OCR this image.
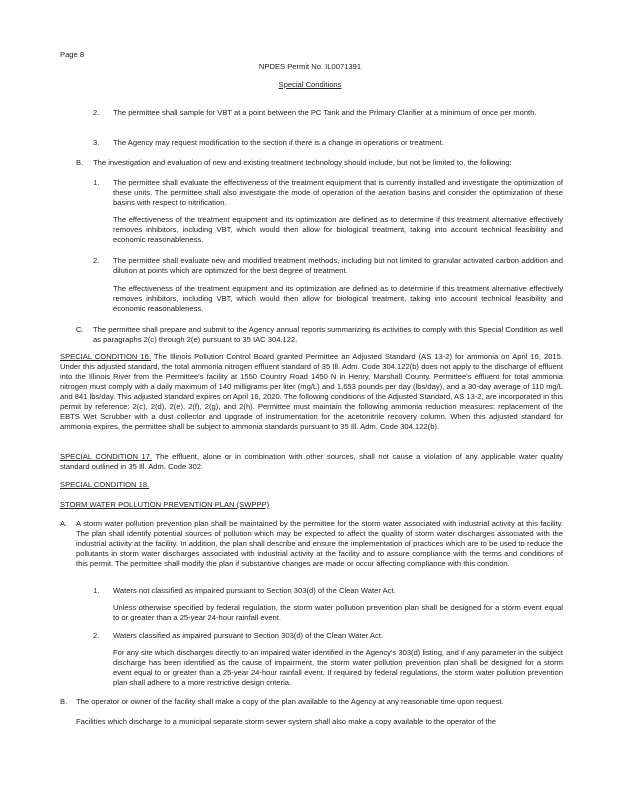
Page 8

NPDES Permit No. IL0071391

Special Conditions

2. The permittee shall sample for VBT at a point between the PC Tank and the Primary Clarifier at a minimum of once per month.

3. The Agency may request modification to the section if there is a change in operations or treatment.

B. The investigation and evaluation of new and existing treatment technology should include, but not be limited to, the following:

1. The permittee shall evaluate the effectiveness of the treatment equipment that is currently installed and investigate the optimization of these units. The permittee shall also investigate the mode of operation of the aeration basins and consider the optimization of these basins with respect to nitrification.

The effectiveness of the treatment equipment and its optimization are defined as to determine if this treatment alternative effectively removes inhibitors, including VBT, which would then allow for biological treatment, taking into account technical feasibility and economic reasonableness.

2. The permittee shall evaluate new and modified treatment methods, including but not limited to granular activated carbon addition and dilution at points which are optimized for the best degree of treatment.

The effectiveness of the treatment equipment and its optimization are defined as to determine if this treatment alternative effectively removes inhibitors, including VBT, which would then allow for biological treatment, taking into account technical feasibility and economic reasonableness.

C. The permittee shall prepare and submit to the Agency annual reports summarizing its activities to comply with this Special Condition as well as paragraphs 2(c) through 2(e) pursuant to 35 IAC 304.122.

SPECIAL CONDITION 16. The Illinois Pollution Control Board granted Permittee an Adjusted Standard (AS 13-2) for ammonia on April 16, 2015. Under this adjusted standard, the total ammonia nitrogen effluent standard of 35 Ill. Adm. Code 304.122(b) does not apply to the discharge of effluent into the Illinois River from the Permittee's facility at 1550 Country Road 1450 N in Henry, Marshall County. Permittee's effluent for total ammonia nitrogen must comply with a daily maximum of 140 milligrams per liter (mg/L) and 1,653 pounds per day (lbs/day), and a 30-day average of 110 mg/L and 841 lbs/day. This adjusted standard expires on April 16, 2020. The following conditions of the Adjusted Standard, AS 13-2, are incorporated in this permit by reference: 2(c), 2(d), 2(e), 2(f), 2(g), and 2(h). Permittee must maintain the following ammonia reduction measures: replacement of the EBTS Wet Scrubber with a dust collector and upgrade of instrumentation for the acetonitrile recovery column. When this adjusted standard for ammonia expires, the permittee shall be subject to ammonia standards pursuant to 35 Ill. Adm. Code 304.122(b).

SPECIAL CONDITION 17. The effluent, alone or in combination with other sources, shall not cause a violation of any applicable water quality standard outlined in 35 Ill. Adm. Code 302.

SPECIAL CONDITION 18.

STORM WATER POLLUTION PREVENTION PLAN (SWPPP)

A. A storm water pollution prevention plan shall be maintained by the permittee for the storm water associated with industrial activity at this facility. The plan shall identify potential sources of pollution which may be expected to affect the quality of storm water discharges associated with the industrial activity at the facility. In addition, the plan shall describe and ensure the implementation of practices which are to be used to reduce the pollutants in storm water discharges associated with industrial activity at the facility and to assure compliance with the terms and conditions of this permit. The permittee shall modify the plan if substantive changes are made or occur affecting compliance with this condition.

1. Waters not classified as impaired pursuant to Section 303(d) of the Clean Water Act.

Unless otherwise specified by federal regulation, the storm water pollution prevention plan shall be designed for a storm event equal to or greater than a 25-year 24-hour rainfall event.

2. Waters classified as impaired pursuant to Section 303(d) of the Clean Water Act.

For any site which discharges directly to an impaired water identified in the Agency's 303(d) listing, and if any parameter in the subject discharge has been identified as the cause of impairment, the storm water pollution prevention plan shall be designed for a storm event equal to or greater than a 25-year 24-hour rainfall event. If required by federal regulations, the storm water pollution prevention plan shall adhere to a more restrictive design criteria.

B. The operator or owner of the facility shall make a copy of the plan available to the Agency at any reasonable time upon request.

Facilities which discharge to a municipal separate storm sewer system shall also make a copy available to the operator of the
